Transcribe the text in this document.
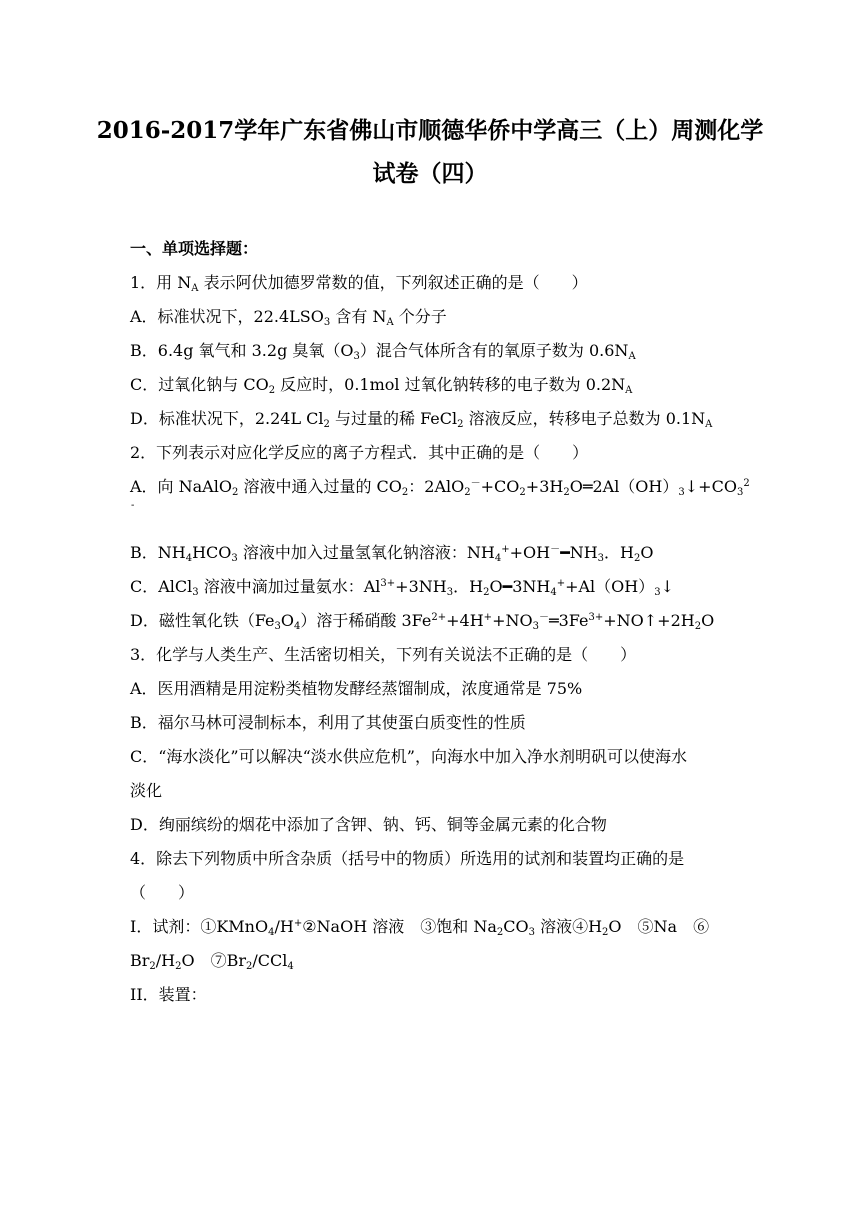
2016-2017学年广东省佛山市顺德华侨中学高三（上）周测化学
试卷（四）
一、单项选择题：
1．用 $N_A$ 表示阿伏加德罗常数的值，下列叙述正确的是（　　）
A．标准状况下，$22.4LSO_3$ 含有 $N_A$ 个分子
B．6.4g 氧气和 3.2g 臭氧$(O_3)$混合气体所含有的氧原子数为 $0.6N_A$
C．过氧化钠与 $CO_2$ 反应时，0.1mol 过氧化钠转移的电子数为 $0.2N_A$
D．标准状况下，2.24L $Cl_2$ 与过量的稀 FeCl$_2$ 溶液反应，转移电子总数为 $0.1N_A$
2．下列表示对应化学反应的离子方程式．其中正确的是（　　）
A．向 NaAlO$_2$ 溶液中通入过量的 $CO_2$：$2AlO_2^-+CO_2+3H_2O═2Al(OH)_3↓+CO_3^2$
-
B．$NH_4HCO_3$ 溶液中加入过量氢氧化钠溶液：$NH_4^++OH^-━NH_3$．$H_2O$
C．AlCl$_3$ 溶液中滴加过量氨水：$Al^{3+}+3NH_3$．$H_2O━3NH_4^++Al(OH)_3↓$
D．磁性氧化铁$(Fe_3O_4)$溶于稀硝酸 $3Fe^{2+}+4H^++NO_3^-═3Fe^{3+}+NO↑+2H_2O$
3．化学与人类生产、生活密切相关，下列有关说法不正确的是（　　）
A．医用酒精是用淀粉类植物发酵经蒸馏制成，浓度通常是 75%
B．福尔马林可浸制标本，利用了其使蛋白质变性的性质
C．“海水淡化”可以解决“淡水供应危机”，向海水中加入净水剂明矾可以使海水
淡化
D．绚丽缤纷的烟花中添加了含钾、钠、钙、铜等金属元素的化合物
4．除去下列物质中所含杂质（括号中的物质）所选用的试剂和装置均正确的是
（　　）
I．试剂：①KMnO$_4$/H+②NaOH 溶液　③饱和 $Na_2CO_3$ 溶液$④H_2O$　⑤Na　⑥
$Br_2/H_2O$　$⑦Br_2/CCl_4$
II．装置：
